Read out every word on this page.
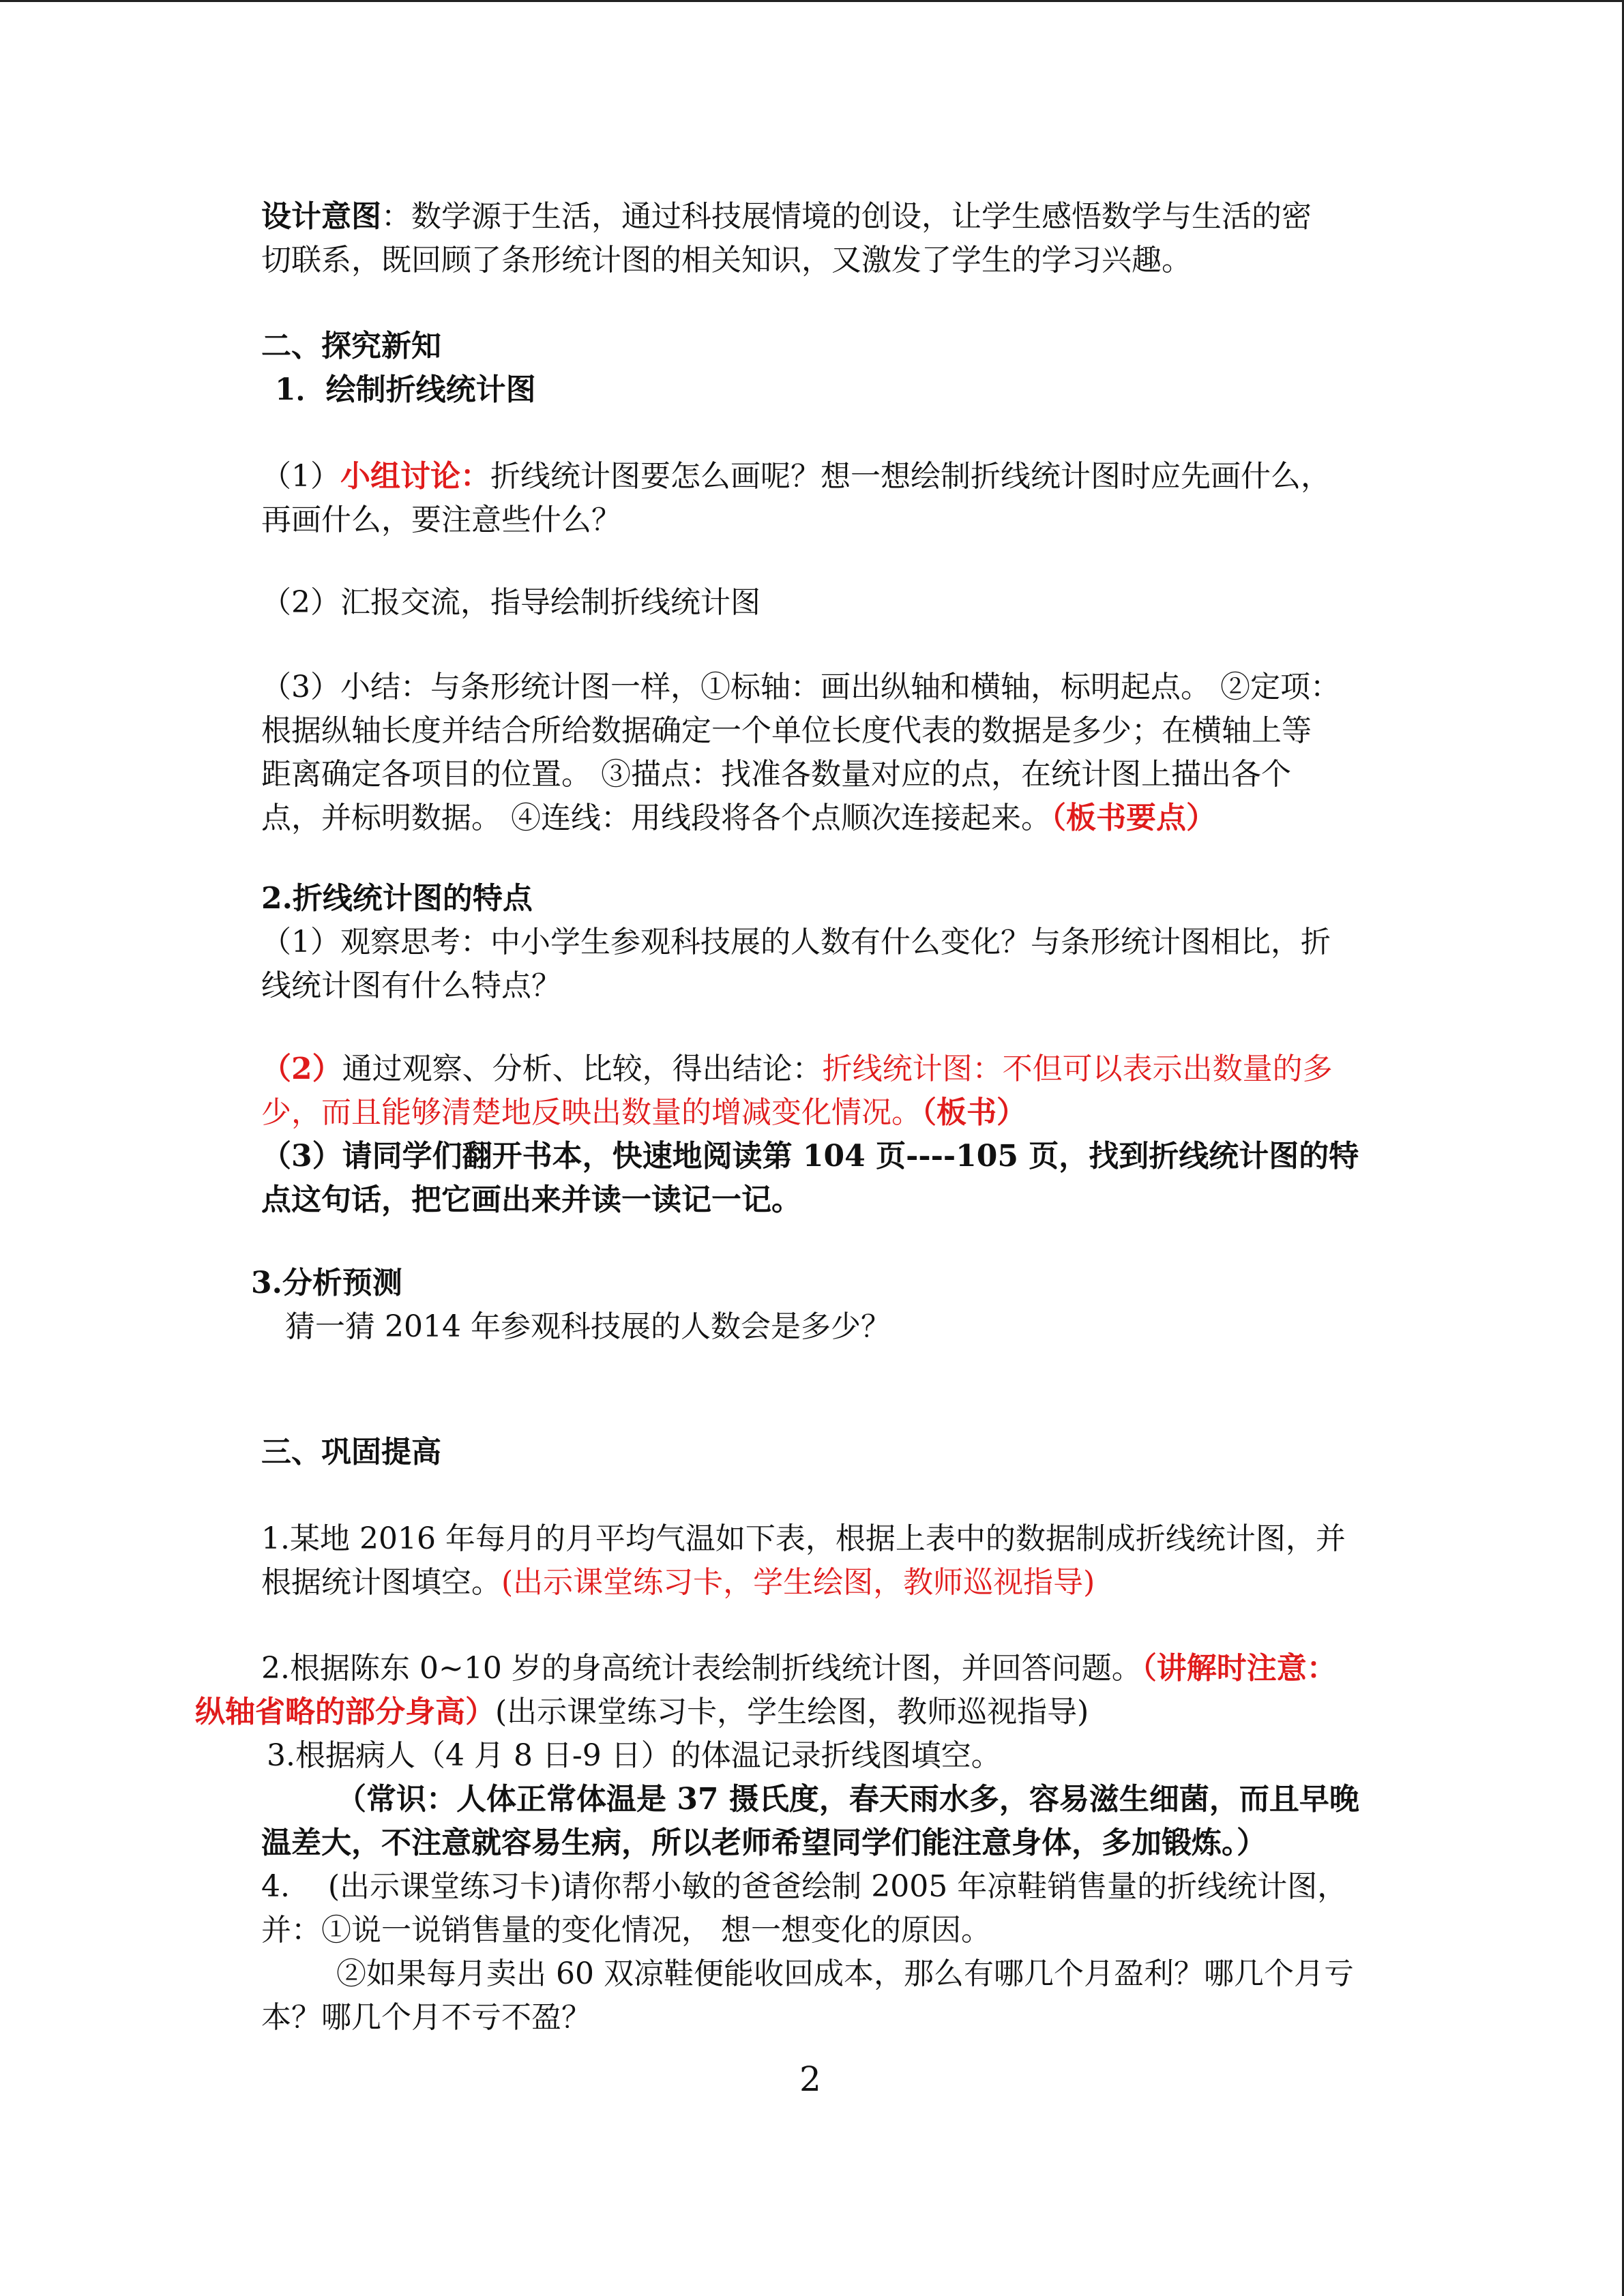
设计意图：数学源于生活，通过科技展情境的创设，让学生感悟数学与生活的密
切联系，既回顾了条形统计图的相关知识，又激发了学生的学习兴趣。
二、探究新知
1．绘制折线统计图
（1）小组讨论：折线统计图要怎么画呢？想一想绘制折线统计图时应先画什么，
再画什么，要注意些什么？
（2）汇报交流，指导绘制折线统计图
（3）小结：与条形统计图一样，①标轴：画出纵轴和横轴，标明起点。 ②定项：
根据纵轴长度并结合所给数据确定一个单位长度代表的数据是多少；在横轴上等
距离确定各项目的位置。 ③描点：找准各数量对应的点，在统计图上描出各个
点，并标明数据。 ④连线：用线段将各个点顺次连接起来。（板书要点）
2.折线统计图的特点
（1）观察思考：中小学生参观科技展的人数有什么变化？与条形统计图相比，折
线统计图有什么特点？
（2）通过观察、分析、比较，得出结论：折线统计图：不但可以表示出数量的多
少，而且能够清楚地反映出数量的增减变化情况。（板书）
（3）请同学们翻开书本，快速地阅读第 104 页----105 页，找到折线统计图的特
点这句话，把它画出来并读一读记一记。
3.分析预测
猜一猜 2014 年参观科技展的人数会是多少？
三、巩固提高
1.某地 2016 年每月的月平均气温如下表，根据上表中的数据制成折线统计图，并
根据统计图填空。(出示课堂练习卡，学生绘图，教师巡视指导)
2.根据陈东 0~10 岁的身高统计表绘制折线统计图，并回答问题。（讲解时注意：
纵轴省略的部分身高）(出示课堂练习卡，学生绘图，教师巡视指导)
3.根据病人（4 月 8 日-9 日）的体温记录折线图填空。
（常识：人体正常体温是 37 摄氏度，春天雨水多，容易滋生细菌，而且早晚
温差大，不注意就容易生病，所以老师希望同学们能注意身体，多加锻炼。）
4.    (出示课堂练习卡)请你帮小敏的爸爸绘制 2005 年凉鞋销售量的折线统计图，
并：①说一说销售量的变化情况， 想一想变化的原因。
②如果每月卖出 60 双凉鞋便能收回成本，那么有哪几个月盈利？哪几个月亏
本？哪几个月不亏不盈？
2
